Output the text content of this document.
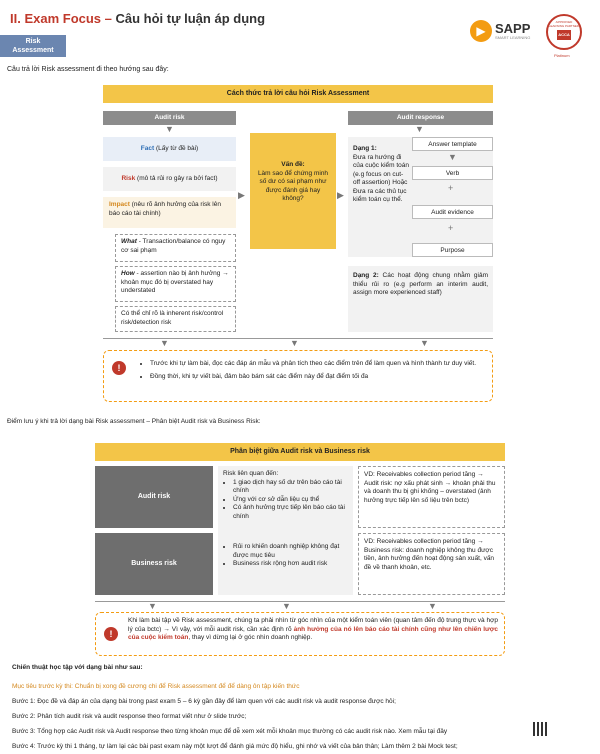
II. Exam Focus – Câu hỏi tự luận áp dụng
Risk
Assessment
▶ SAPP
SMART LEARNING
APPROVED LEARNING PARTNER
ACCA
Platinum
Câu trả lời Risk assessment đi theo hướng sau đây:
Cách thức trả lời câu hỏi Risk Assessment
Audit risk	Audit response
▼	▼
Fact (Lấy từ đề bài)
Risk (mô tả rủi ro gây ra bởi fact)
Impact (nêu rõ ảnh hưởng của risk lên báo cáo tài chính)
What - Transaction/balance có nguy cơ sai phạm
How - assertion nào bị ảnh hưởng → khoản mục đó bị overstated hay understated
Có thể chỉ rõ là inherent risk/control risk/detection risk
▶
Vấn đề:
Làm sao để chứng minh số dư có sai phạm như được đánh giá hay không?	▶
Dạng 1:
Đưa ra hướng đi của cuộc kiểm toán (e.g focus on cut-off assertion) Hoặc Đưa ra các thủ tục kiểm toán cụ thể.
Answer template
▼
Verb
+
Audit evidence
+
Purpose
Dạng 2: Các hoạt động chung nhằm giảm thiểu rủi ro (e.g perform an interim audit, assign more experienced staff)
▼	▼	▼
!
•	Trước khi tự làm bài, đọc các đáp án mẫu và phân tích theo các điểm trên để làm quen và hình thành tư duy viết.
• Đồng thời, khi tự viết bài, đảm bảo bám sát các điểm này để đạt điểm tối đa
Điểm lưu ý khi trả lời dạng bài Risk assessment – Phân biệt Audit risk và Business Risk:
Phân biệt giữa Audit risk và Business risk
Audit risk
Business risk
Risk liên quan đến:
• 1 giao dịch hay số dư trên báo cáo tài chính
• Ứng với cơ sở dẫn liệu cụ thể
• Có ảnh hưởng trực tiếp lên báo cáo tài chính
• Rủi ro khiến doanh nghiệp không đạt được mục tiêu
• Business risk rộng hơn audit risk
VD: Receivables collection period tăng → Audit risk: nợ xấu phát sinh → khoản phải thu và doanh thu bị ghi khống – overstated (ảnh hưởng trực tiếp lên số liệu trên bctc)
VD: Receivables collection period tăng → Business risk: doanh nghiệp không thu được tiền, ảnh hưởng đến hoạt động sản xuất, vấn đề về thanh khoản, etc.
▼	▼	▼
!
Khi làm bài tập về Risk assessment, chúng ta phải nhìn từ góc nhìn của một kiểm toán viên (quan tâm đến độ trung thực và hợp lý của bctc) → Vì vậy, với mỗi audit risk, cần xác định rõ ảnh hưởng của nó lên báo cáo tài chính cũng như lên chiến lược của cuộc kiểm toán, thay vì dừng lại ở góc nhìn doanh nghiệp.
Chiến thuật học tập với dạng bài như sau:
Mục tiêu trước kỳ thi: Chuẩn bị xong đề cương chi để Risk assessment để để dàng ôn tập kiến thức
Bước 1: Đọc đề và đáp án của dạng bài trong past exam 5 – 6 kỳ gần đây để làm quen với các audit risk và audit response được hỏi;
Bước 2: Phân tích audit risk và audit response theo format viết như ở slide trước;
Bước 3: Tổng hợp các Audit risk và Audit response theo từng khoản mục để dễ xem xét mỗi khoản mục thường có các audit risk nào. Xem mẫu tại đây
Bước 4: Trước kỳ thi 1 tháng, tự làm lại các bài past exam này một lượt để đánh giá mức độ hiểu, ghi nhớ và viết của bản thân; Làm thêm 2 bài Mock test;
